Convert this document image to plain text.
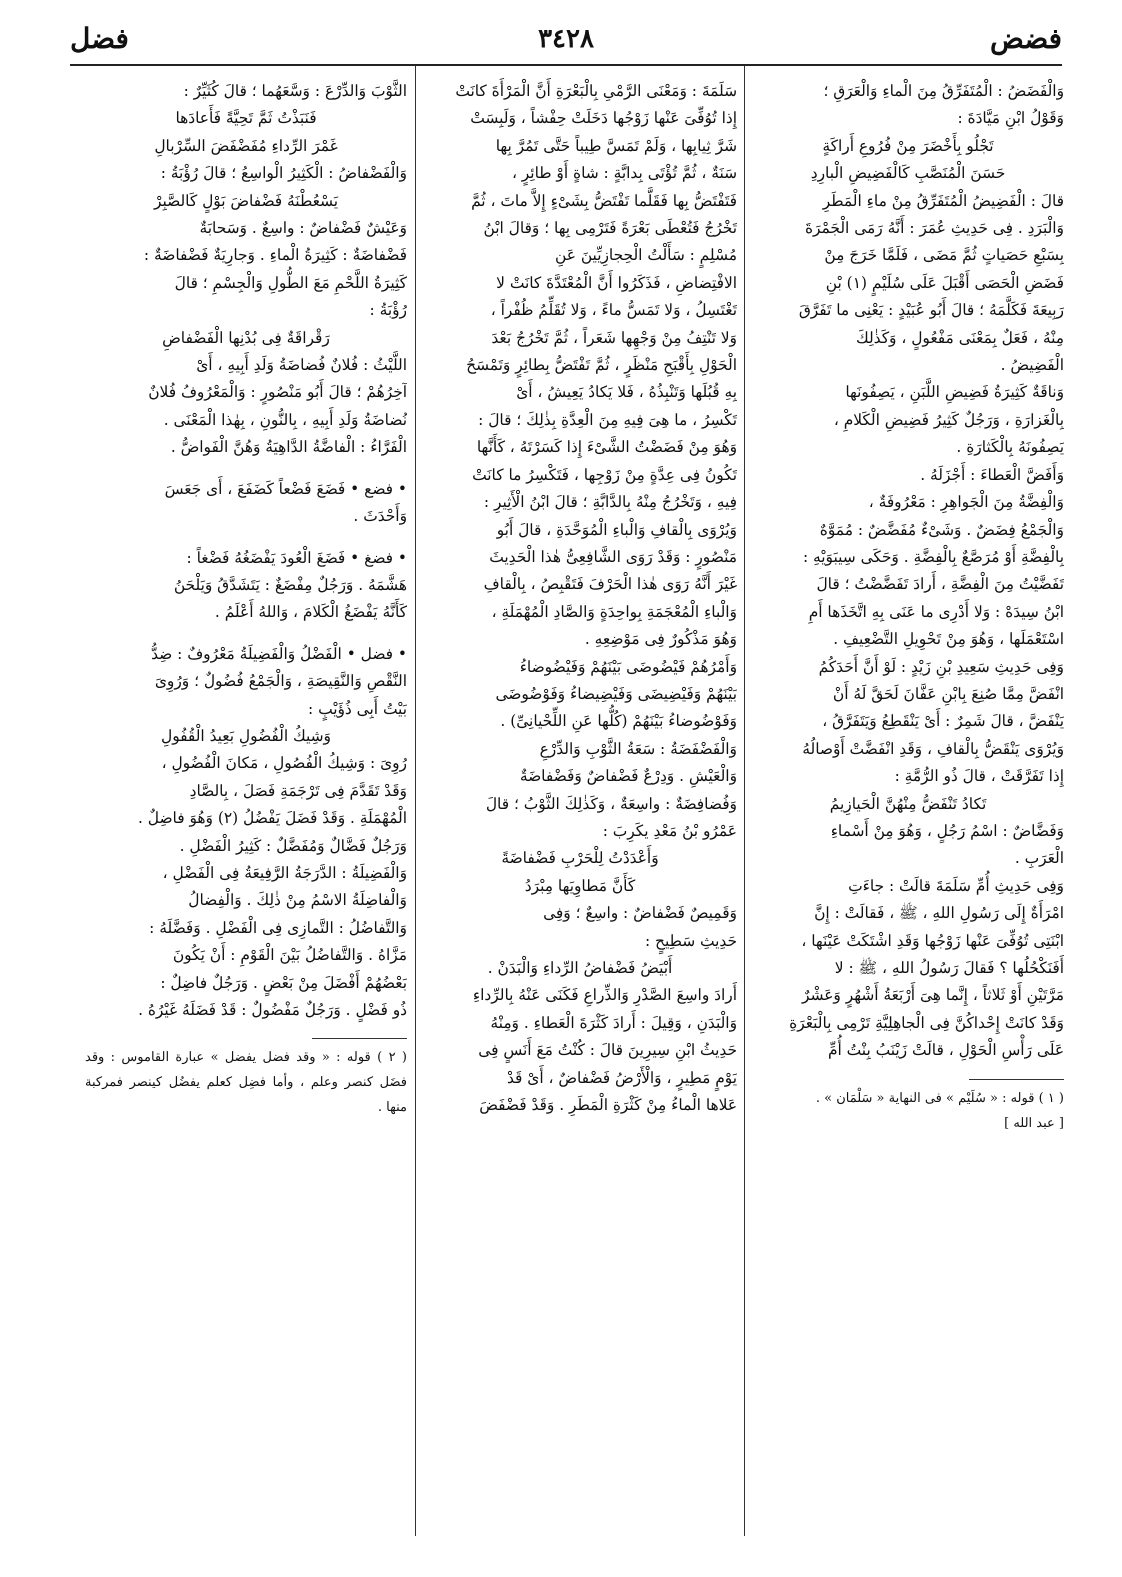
فضض
٣٤٢٨
فضل

وَالْفَضَضُ : الْمُتَفَرِّقُ مِنَ الْماءِ وَالْعَرَقِ ؛

وَقَوْلُ ابْنِ مَيَّادَةَ :

تَجْلُو بِأَخْضَرَ مِنْ فُرُوعِ أَراكَةٍ

حَسَنَ الْمُنَصَّبِ كَالْفَضِيضِ الْبارِدِ

قالَ : الْفَضِيضُ الْمُتَفَرِّقُ مِنْ ماءِ الْمَطَرِ

وَالْبَرَدِ . فِى حَدِيثِ عُمَرَ : أَنَّهُ رَمَى الْجَمْرَةَ

بِسَبْعِ حَصَياتٍ ثُمَّ مَضَى ، فَلَمَّا خَرَجَ مِنْ

فَضَضِ الْحَصَى أَقْبَلَ عَلَى سُلَيْمٍ (١) بْنِ

رَبِيعَةَ فَكَلَّمَهُ ؛ قالَ أَبُو عُبَيْدٍ : يَعْنِى ما تَفَرَّقَ

مِنْهُ ، فَعَلٌ بِمَعْنَى مَفْعُولٍ ، وَكَذٰلِكَ

الْفَضِيضُ .

وَناقَةٌ كَثِيرَةُ فَضِيضِ اللَّبَنِ ، يَصِفُونَها

بِالْغَزارَةِ ، وَرَجُلٌ كَثِيرُ فَضِيضِ الْكَلامِ ،

يَصِفُونَهُ بِالْكَثارَةِ .

وَأَفَضَّ الْعَطاءَ : أَجْزَلَهُ .

وَالْفِضَّةُ مِنَ الْجَواهِرِ : مَعْرُوفَةٌ ،

وَالْجَمْعُ فِضَضٌ . وَشَىْءٌ مُفَضَّضٌ : مُمَوَّهٌ

بِالْفِضَّةِ أَوْ مُرَصَّعٌ بِالْفِضَّةِ . وَحَكَى سِيبَوَيْهِ :

تَفَضَّيْتُ مِنَ الْفِضَّةِ ، أَرادَ تَفَضَّضْتُ ؛ قالَ

ابْنُ سِيدَهْ : وَلا أَدْرِى ما عَنَى بِهِ اتَّخَذَها أَمِ

اسْتَعْمَلَها ، وَهُوَ مِنْ تَحْوِيلِ التَّضْعِيفِ .

وَفِى حَدِيثِ سَعِيدِ بْنِ زَيْدٍ : لَوْ أَنَّ أَحَدَكُمُ

انْفَضَّ مِمَّا صُنِعَ بِابْنِ عَفَّانَ لَحَقَّ لَهُ أَنْ

يَنْفَضَّ ، قالَ شَمِرٌ : أَىْ يَنْقَطِعُ وَيَتَفَرَّقُ ،

وَيُرْوَى يَنْقَضُّ بِالْقافِ ، وَقَدِ انْفَضَّتْ أَوْصالُهُ

إِذا تَفَرَّقَتْ ، قالَ ذُو الرُّمَّةِ :

تَكادُ تَنْفَضُّ مِنْهُنَّ الْحَيازِيمُ

وَفَضَّاضٌ : اسْمُ رَجُلٍ ، وَهُوَ مِنْ أَسْماءِ

الْعَرَبِ .

وَفِى حَدِيثِ أُمِّ سَلَمَةَ قالَتْ : جاءَتِ

امْرَأَةٌ إِلَى رَسُولِ اللهِ ، ﷺ ، فَقالَتْ : إِنَّ

ابْنَتِى تُوُفِّىَ عَنْها زَوْجُها وَقَدِ اشْتَكَتْ عَيْنَها ،

أَفَنَكْحُلُها ؟ فَقالَ رَسُولُ اللهِ ، ﷺ : لا

مَرَّتَيْنِ أَوْ ثَلاثاً ، إِنَّما هِىَ أَرْبَعَةُ أَشْهُرٍ وَعَشْرٌ

وَقَدْ كانَتْ إِحْداكُنَّ فِى الْجاهِلِيَّةِ تَرْمِى بِالْبَعْرَةِ

عَلَى رَأْسِ الْحَوْلِ ، قالَتْ زَيْنَبُ بِنْتُ أُمِّ

( ١ ) قوله : « سُلَيْم » فى النهاية « سَلْمَان » .

[ عبد الله ]

سَلَمَةَ : وَمَعْنَى الرَّمْىِ بِالْبَعْرَةِ أَنَّ الْمَرْأَةَ كانَتْ

إِذا تُوُفِّىَ عَنْها زَوْجُها دَخَلَتْ حِفْشاً ، وَلَبِسَتْ

شَرَّ ثِيابِها ، وَلَمْ تَمَسَّ طِيباً حَتَّى تَمُرَّ بِها

سَنَةٌ ، ثُمَّ تُؤْتَى بِدابَّةٍ : شاةٍ أَوْ طائِرٍ ،

فَتَفْتَضُّ بِها فَقَلَّما تَفْتَضُّ بِشَىْءٍ إِلاَّ ماتَ ، ثُمَّ

تَخْرُجُ فَتُعْطَى بَعْرَةً فَتَرْمِى بِها ؛ وَقالَ ابْنُ

مُسْلِمٍ : سَأَلْتُ الْحِجازِيِّينَ عَنِ

الافْتِضاضِ ، فَذَكَرُوا أَنَّ الْمُعْتَدَّةَ كانَتْ لا

تَغْتَسِلُ ، وَلا تَمَسُّ ماءً ، وَلا تُقَلِّمُ ظُفْراً ،

وَلا تَنْتِفُ مِنْ وَجْهِها شَعَراً ، ثُمَّ تَخْرُجُ بَعْدَ

الْحَوْلِ بِأَقْبَحِ مَنْظَرٍ ، ثُمَّ تَفْتَضُّ بِطائِرٍ وَتَمْسَحُ

بِهِ قُبُلَها وَتَنْبِذُهُ ، فَلا يَكادُ يَعِيشُ ، أَىْ

تَكْسِرُ ، ما هِىَ فِيهِ مِنَ الْعِدَّةِ بِذٰلِكَ ؛ قالَ :

وَهُوَ مِنْ فَضَضْتُ الشَّىْءَ إِذا كَسَرْتَهُ ، كَأَنَّها

تَكُونُ فِى عِدَّةٍ مِنْ زَوْجِها ، فَتَكْسِرُ ما كانَتْ

فِيهِ ، وَتَخْرُجُ مِنْهُ بِالدَّابَّةِ ؛ قالَ ابْنُ الْأَثِيرِ :

وَيُرْوَى بِالْقافِ وَالْباءِ الْمُوَحَّدَةِ ، قالَ أَبُو

مَنْصُورٍ : وَقَدْ رَوَى الشَّافِعِىُّ هٰذا الْحَدِيثَ

غَيْرَ أَنَّهُ رَوَى هٰذا الْحَرْفَ فَتَقْبِصُ ، بِالْقافِ

وَالْباءِ الْمُعْجَمَةِ بِواحِدَةٍ وَالصَّادِ الْمُهْمَلَةِ ،

وَهُوَ مَذْكُورٌ فِى مَوْضِعِهِ .

وَأَمْرُهُمْ فَيْضُوضَى بَيْنَهُمْ وَفَيْضُوضاءُ

بَيْنَهُمْ وَفَيْضِيضَى وَفَيْضِيضاءُ وَفَوْضُوضَى

وَفَوْضُوضاءُ بَيْنَهُمْ (كُلُّها عَنِ اللِّحْيانِىِّ) .

وَالْفَضْفَضَةُ : سَعَةُ الثَّوْبِ وَالدِّرْعِ

وَالْعَيْشِ . وَدِرْعٌ فَضْفاضٌ وَفَضْفاضَةٌ

وَفُضافِضَةٌ : واسِعَةٌ ، وَكَذٰلِكَ الثَّوْبُ ؛ قالَ

عَمْرُو بْنُ مَعْدِ يكَرِبَ :

وَأَعْدَدْتُ لِلْحَرْبِ فَضْفاضَةً

كَأَنَّ مَطاوِيَها مِبْرَدُ

وَقَمِيصٌ فَضْفاضٌ : واسِعٌ ؛ وَفِى

حَدِيثِ سَطِيحٍ :

أَبْيَضُ فَضْفاضُ الرِّداءِ وَالْبَدَنْ .

أَرادَ واسِعَ الصَّدْرِ وَالذِّراعِ فَكَنَى عَنْهُ بِالرِّداءِ

وَالْبَدَنِ ، وَقِيلَ : أَرادَ كَثْرَةَ الْعَطاءِ . وَمِنْهُ

حَدِيثُ ابْنِ سِيرِينَ قالَ : كُنْتُ مَعَ أَنَسٍ فِى

يَوْمٍ مَطِيرٍ ، وَالْأَرْضُ فَضْفاضٌ ، أَىْ قَدْ

عَلاها الْماءُ مِنْ كَثْرَةِ الْمَطَرِ . وَقَدْ فَضْفَضَ

الثَّوْبَ وَالدِّرْعَ : وَسَّعَهُما ؛ قالَ كُثَيِّرٌ :

فَنَبَذْتُ ثَمَّ تَحِيَّةً فَأَعادَها

غَمْرَ الرِّداءِ مُفَضْفَضَ السِّرْبالِ

وَالْفَضْفاضُ : الْكَثِيرُ الْواسِعُ ؛ قالَ رُؤْبَةُ :

يَسْعُطْنَهُ فَضْفاضَ بَوْلٍ كَالصَّبِرْ

وَعَيْشٌ فَضْفاضٌ : واسِعٌ . وَسَحابَةٌ

فَضْفاضَةٌ : كَثِيرَةُ الْماءِ . وَجارِيَةٌ فَضْفاضَةٌ :

كَثِيرَةُ اللَّحْمِ مَعَ الطُّولِ وَالْجِسْمِ ؛ قالَ

رُؤْبَةُ :

رَقْراقَةٌ فِى بُدْنِها الْفَضْفاضِ

اللَّيْثُ : فُلانٌ فُضاضَةُ وَلَدِ أَبِيهِ ، أَىْ

آخِرُهُمْ ؛ قالَ أَبُو مَنْصُورٍ : وَالْمَعْرُوفُ فُلانٌ

نُضاضَةُ وَلَدِ أَبِيهِ ، بِالنُّونِ ، بِهٰذا الْمَعْنَى .

الْفَرَّاءُ : الْفاضَّةُ الدَّاهِيَةُ وَهُنَّ الْفَواضُّ .

• فضع • فَضَعَ فَضْعاً كَضَفَعَ ، أَى جَعَسَ

وَأَحْدَثَ .

• فضغ • فَضَغَ الْعُودَ يَفْضَغُهُ فَضْغاً :

هَشَّمَهُ . وَرَجُلٌ مِفْضَغٌ : يَتَشَدَّقُ وَيَلْحَنُ

كَأَنَّهُ يَفْضَغُ الْكَلامَ ، وَاللهُ أَعْلَمُ .

• فضل • الْفَضْلُ وَالْفَضِيلَةُ مَعْرُوفٌ : ضِدُّ

النَّقْصِ وَالنَّقِيصَةِ ، وَالْجَمْعُ فُضُولٌ ؛ وَرُوِىَ

بَيْتُ أَبِى ذُؤَيْبٍ :

وَشِيكُ الْفُضُولِ بَعِيدُ الْقُفُولِ

رُوِىَ : وَشِيكُ الْفُصُولِ ، مَكانَ الْفُضُولِ ،

وَقَدْ تَقَدَّمَ فِى تَرْجَمَةِ فَصَلَ ، بِالصَّادِ

الْمُهْمَلَةِ . وَقَدْ فَضَلَ يَفْضُلُ (٢) وَهُوَ فاضِلٌ .

وَرَجُلٌ فَضَّالٌ وَمُفَضَّلٌ : كَثِيرُ الْفَضْلِ .

وَالْفَضِيلَةُ : الدَّرَجَةُ الرَّفِيعَةُ فِى الْفَضْلِ ،

وَالْفاضِلَةُ الاسْمُ مِنْ ذٰلِكَ . وَالْفِضالُ

وَالتَّفاضُلُ : التَّمازِى فِى الْفَضْلِ . وَفَضَّلَهُ :

مَزَّاهُ . وَالتَّفاضُلُ بَيْنَ الْقَوْمِ : أَنْ يَكُونَ

بَعْضُهُمْ أَفْضَلَ مِنْ بَعْضٍ . وَرَجُلٌ فاضِلٌ :

ذُو فَضْلٍ . وَرَجُلٌ مَفْضُولٌ : قَدْ فَضَلَهُ غَيْرُهُ .

( ٢ ) قوله : « وقد فضل يفضل » عبارة القاموس : وقد فضَل كنصر وعلم ، وأما فضِل كعلم يفضُل كينصر فمركبة منها .
